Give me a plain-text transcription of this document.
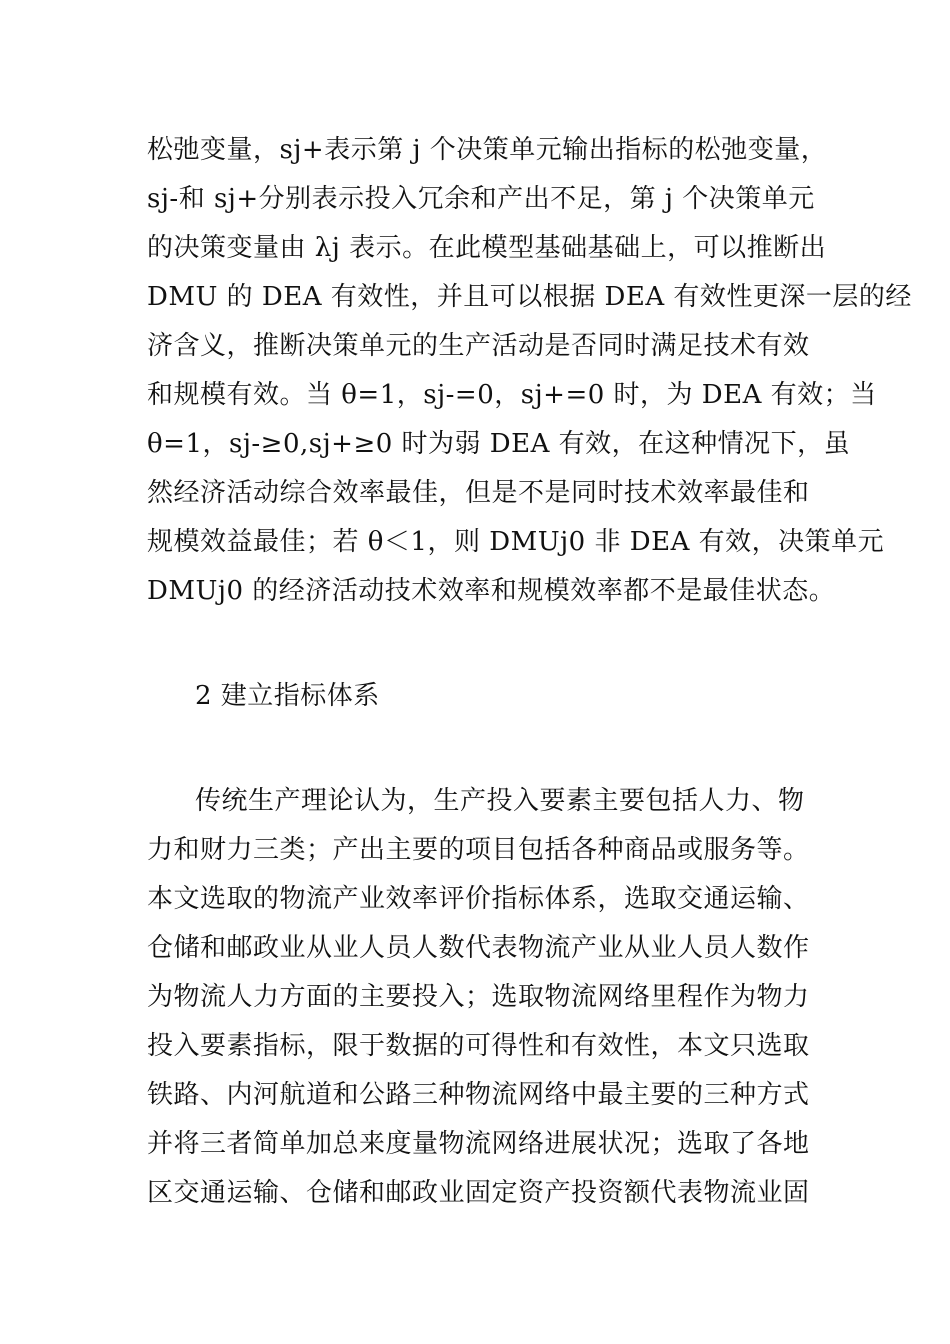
松弛变量，sj+表示第 j 个决策单元输出指标的松弛变量，
sj-和 sj+分别表示投入冗余和产出不足，第 j 个决策单元
的决策变量由 λj 表示。在此模型基础基础上，可以推断出
DMU 的 DEA 有效性，并且可以根据 DEA 有效性更深一层的经
济含义，推断决策单元的生产活动是否同时满足技术有效
和规模有效。当 θ=1，sj-=0，sj+=0 时，为 DEA 有效；当
θ=1，sj-≥0,sj+≥0 时为弱 DEA 有效，在这种情况下，虽
然经济活动综合效率最佳，但是不是同时技术效率最佳和
规模效益最佳；若 θ＜1，则 DMUj0 非 DEA 有效，决策单元
DMUj0 的经济活动技术效率和规模效率都不是最佳状态。
2 建立指标体系
传统生产理论认为，生产投入要素主要包括人力、物
力和财力三类；产出主要的项目包括各种商品或服务等。
本文选取的物流产业效率评价指标体系，选取交通运输、
仓储和邮政业从业人员人数代表物流产业从业人员人数作
为物流人力方面的主要投入；选取物流网络里程作为物力
投入要素指标，限于数据的可得性和有效性，本文只选取
铁路、内河航道和公路三种物流网络中最主要的三种方式
并将三者简单加总来度量物流网络进展状况；选取了各地
区交通运输、仓储和邮政业固定资产投资额代表物流业固
